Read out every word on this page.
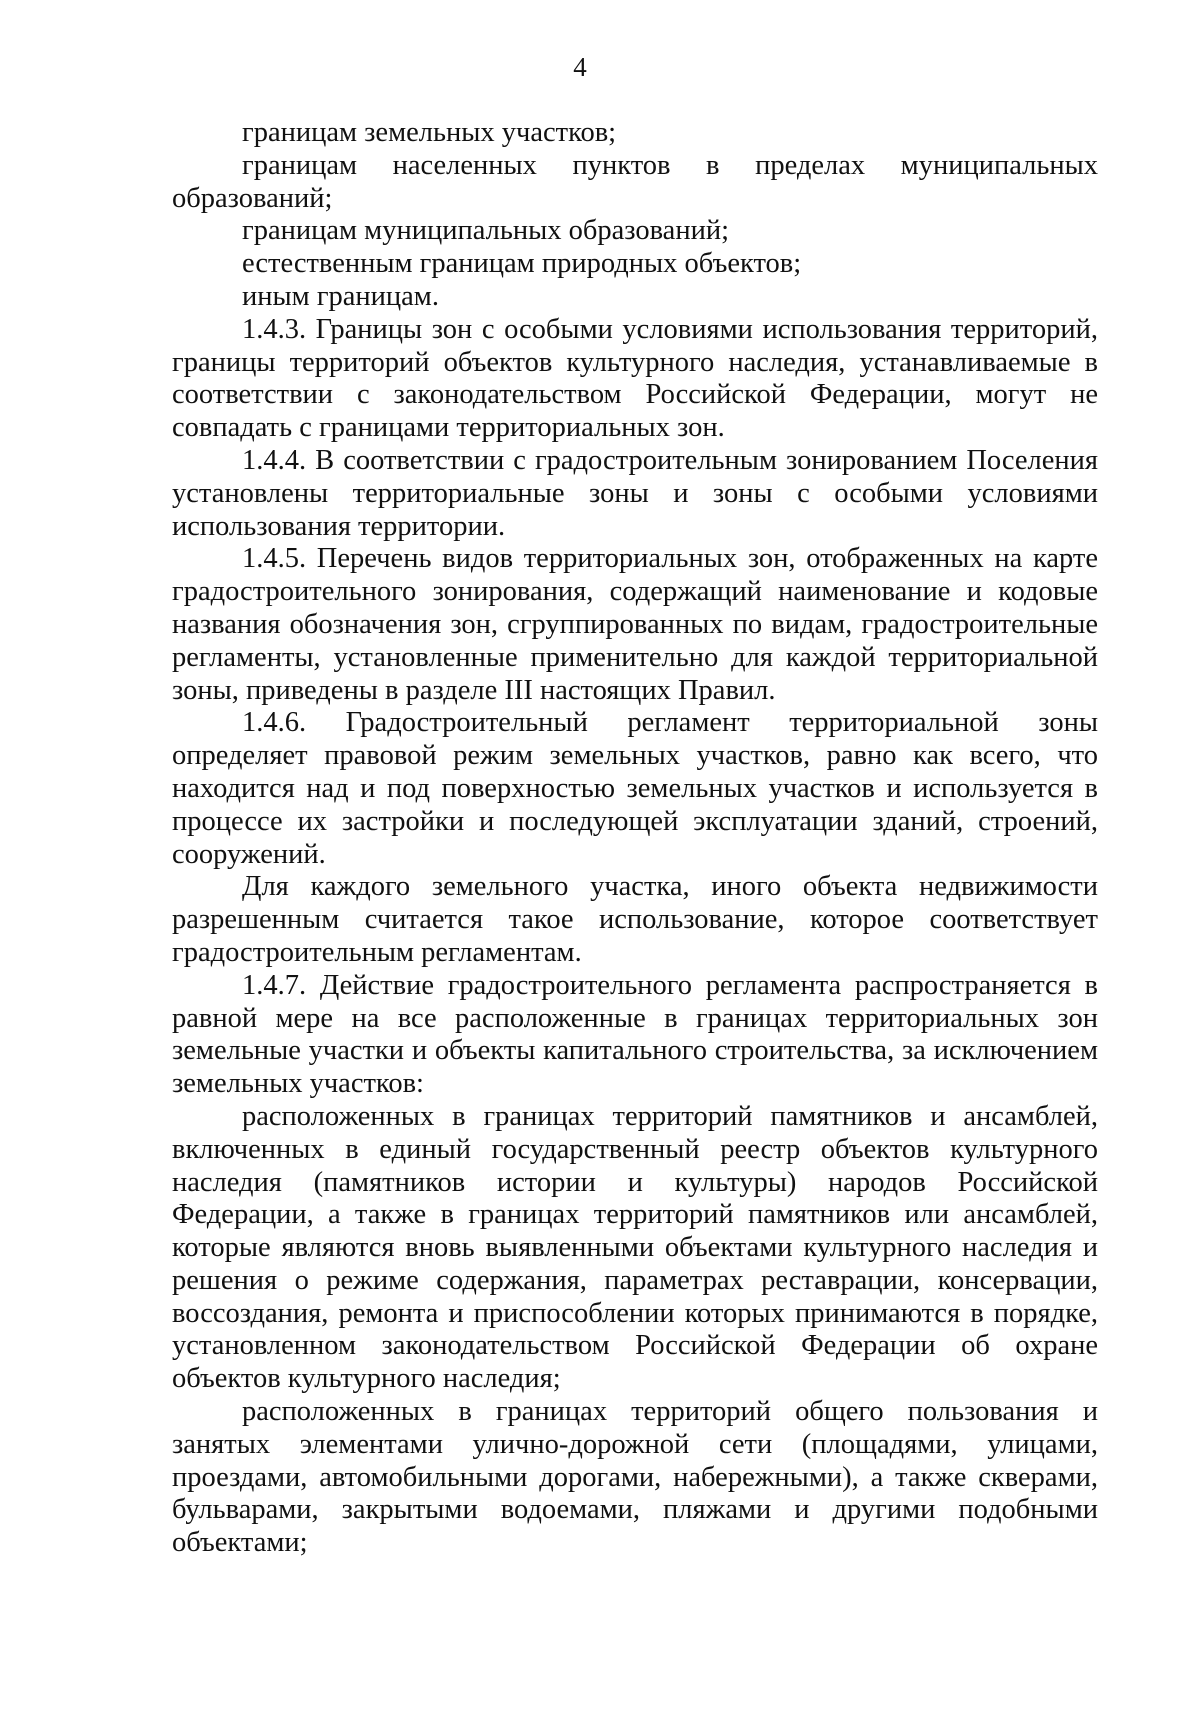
4

границам земельных участков;

границам населенных пунктов в пределах муниципальных образований;

границам муниципальных образований;

естественным границам природных объектов;

иным границам.

1.4.3. Границы зон с особыми условиями использования территорий, границы территорий объектов культурного наследия, устанавливаемые в соответствии с законодательством Российской Федерации, могут не совпадать с границами территориальных зон.

1.4.4. В соответствии с градостроительным зонированием Поселения установлены территориальные зоны и зоны с особыми условиями использования территории.

1.4.5. Перечень видов территориальных зон, отображенных на карте градостроительного зонирования, содержащий наименование и кодовые названия обозначения зон, сгруппированных по видам, градостроительные регламенты, установленные применительно для каждой территориальной зоны, приведены в разделе III настоящих Правил.

1.4.6. Градостроительный регламент территориальной зоны определяет правовой режим земельных участков, равно как всего, что находится над и под поверхностью земельных участков и используется в процессе их застройки и последующей эксплуатации зданий, строений, сооружений.

Для каждого земельного участка, иного объекта недвижимости разрешенным считается такое использование, которое соответствует градостроительным регламентам.

1.4.7. Действие градостроительного регламента распространяется в равной мере на все расположенные в границах территориальных зон земельные участки и объекты капитального строительства, за исключением земельных участков:

расположенных в границах территорий памятников и ансамблей, включенных в единый государственный реестр объектов культурного наследия (памятников истории и культуры) народов Российской Федерации, а также в границах территорий памятников или ансамблей, которые являются вновь выявленными объектами культурного наследия и решения о режиме содержания, параметрах реставрации, консервации, воссоздания, ремонта и приспособлении которых принимаются в порядке, установленном законодательством Российской Федерации об охране объектов культурного наследия;

расположенных в границах территорий общего пользования и занятых элементами улично-дорожной сети (площадями, улицами, проездами, автомобильными дорогами, набережными), а также скверами, бульварами, закрытыми водоемами, пляжами и другими подобными объектами;
